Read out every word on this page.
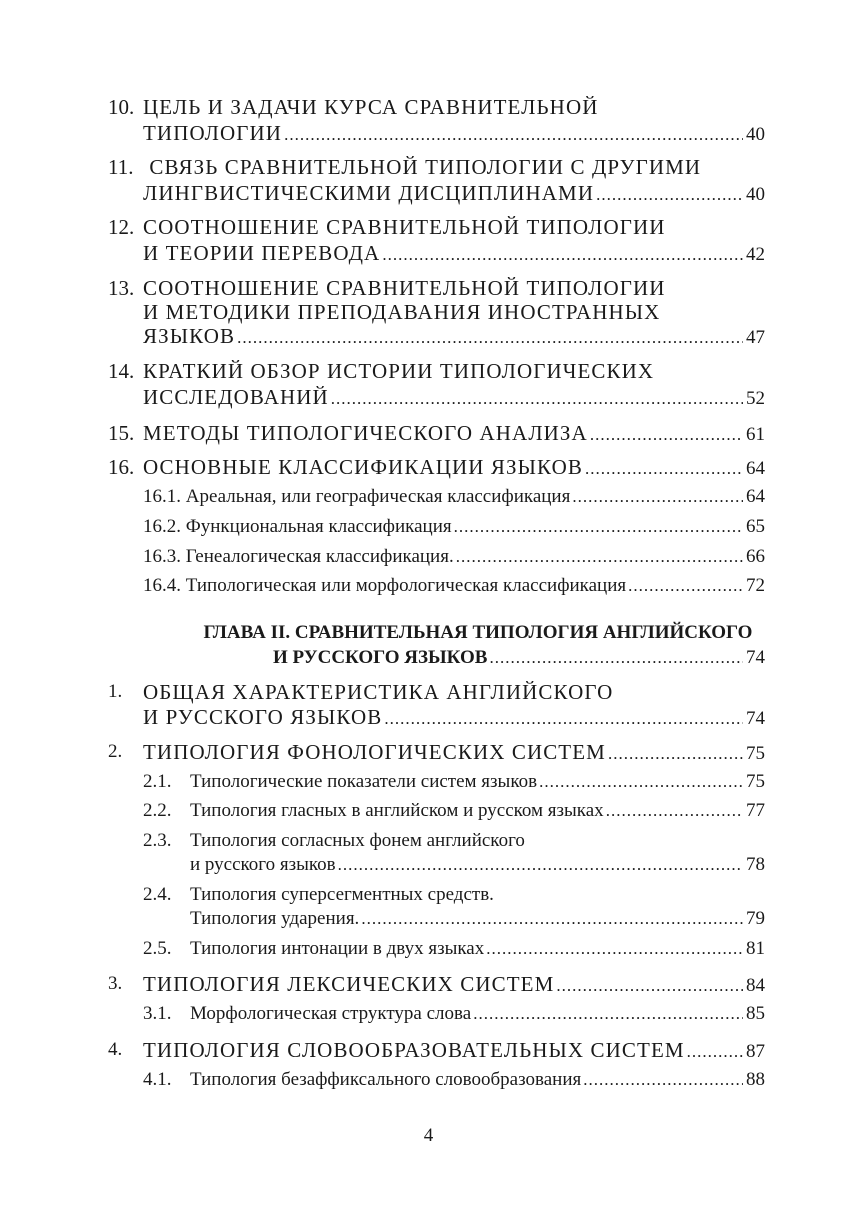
10. ЦЕЛЬ И ЗАДАЧИ КУРСА СРАВНИТЕЛЬНОЙ
ТИПОЛОГИИ .....	40
11. СВЯЗЬ СРАВНИТЕЛЬНОЙ ТИПОЛОГИИ С ДРУГИМИ
ЛИНГВИСТИЧЕСКИМИ ДИСЦИПЛИНАМИ .....	40
12. СООТНОШЕНИЕ СРАВНИТЕЛЬНОЙ ТИПОЛОГИИ
И ТЕОРИИ ПЕРЕВОДА .....	42
13. СООТНОШЕНИЕ СРАВНИТЕЛЬНОЙ ТИПОЛОГИИ
И МЕТОДИКИ ПРЕПОДАВАНИЯ ИНОСТРАННЫХ
ЯЗЫКОВ .....	47
14. КРАТКИЙ ОБЗОР ИСТОРИИ ТИПОЛОГИЧЕСКИХ
ИССЛЕДОВАНИЙ .....	52
15. МЕТОДЫ ТИПОЛОГИЧЕСКОГО АНАЛИЗА .....	61
16. ОСНОВНЫЕ КЛАССИФИКАЦИИ ЯЗЫКОВ .....	64
16.1. Ареальная, или географическая классификация .....	64
16.2. Функциональная классификация .....	65
16.3. Генеалогическая классификация. .....	66
16.4. Типологическая или морфологическая классификация .....	72
ГЛАВА II. СРАВНИТЕЛЬНАЯ ТИПОЛОГИЯ АНГЛИЙСКОГО
И РУССКОГО ЯЗЫКОВ .....	74
1. ОБЩАЯ ХАРАКТЕРИСТИКА АНГЛИЙСКОГО
И РУССКОГО ЯЗЫКОВ .....	74
2. ТИПОЛОГИЯ ФОНОЛОГИЧЕСКИХ СИСТЕМ .....	75
2.1. Типологические показатели систем языков .....	75
2.2. Типология гласных в английском и русском языках .....	77
2.3. Типология согласных фонем английского
и русского языков .....	78
2.4. Типология суперсегментных средств.
Типология ударения. .....	79
2.5. Типология интонации в двух языках .....	81
3. ТИПОЛОГИЯ ЛЕКСИЧЕСКИХ СИСТЕМ .....	84
3.1. Морфологическая структура слова .....	85
4. ТИПОЛОГИЯ СЛОВООБРАЗОВАТЕЛЬНЫХ СИСТЕМ .....	87
4.1. Типология безаффиксального словообразования .....	88
4
